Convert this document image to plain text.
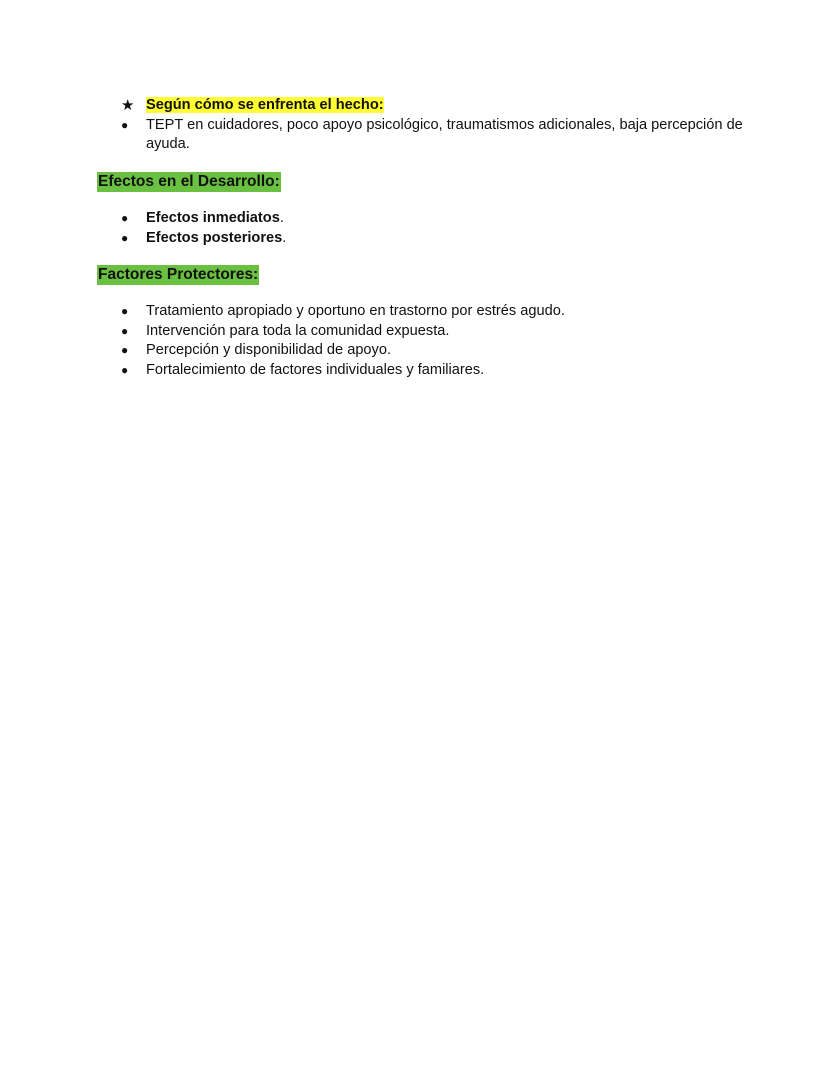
★ Según cómo se enfrenta el hecho:
●	TEPT en cuidadores, poco apoyo psicológico, traumatismos adicionales, baja percepción de ayuda.
Efectos en el Desarrollo:
●	Efectos inmediatos.
●	Efectos posteriores.
Factores Protectores:
●	Tratamiento apropiado y oportuno en trastorno por estrés agudo.
●	Intervención para toda la comunidad expuesta.
●	Percepción y disponibilidad de apoyo.
●	Fortalecimiento de factores individuales y familiares.
